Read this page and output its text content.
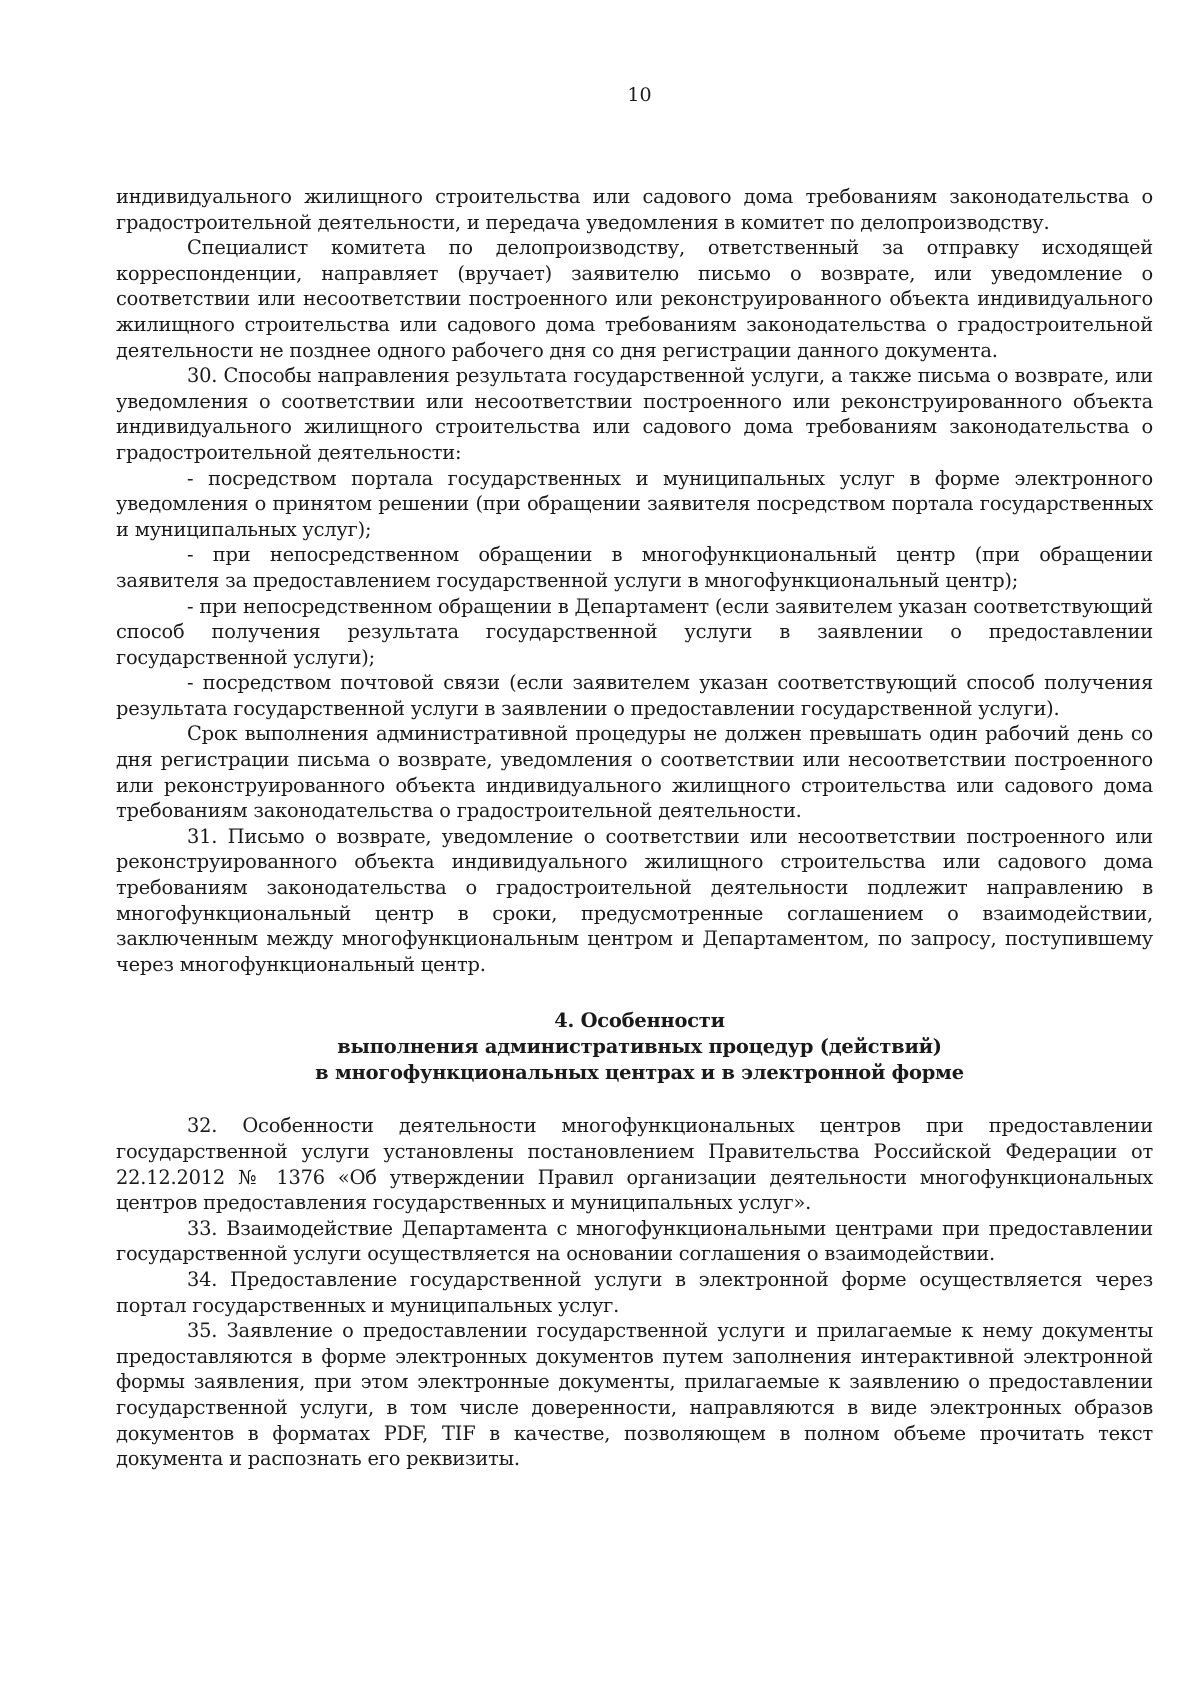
10

индивидуального жилищного строительства или садового дома требованиям законодательства о градостроительной деятельности, и передача уведомления в комитет по делопроизводству.

Специалист комитета по делопроизводству, ответственный за отправку исходящей корреспонденции, направляет (вручает) заявителю письмо о возврате, или уведомление о соответствии или несоответствии построенного или реконструированного объекта индивидуального жилищного строительства или садового дома требованиям законодательства о градостроительной деятельности не позднее одного рабочего дня со дня регистрации данного документа.

30. Способы направления результата государственной услуги, а также письма о возврате, или уведомления о соответствии или несоответствии построенного или реконструированного объекта индивидуального жилищного строительства или садового дома требованиям законодательства о градостроительной деятельности:

- посредством портала государственных и муниципальных услуг в форме электронного уведомления о принятом решении (при обращении заявителя посредством портала государственных и муниципальных услуг);

- при непосредственном обращении в многофункциональный центр (при обращении заявителя за предоставлением государственной услуги в многофункциональный центр);

- при непосредственном обращении в Департамент (если заявителем указан соответствующий способ получения результата государственной услуги в заявлении о предоставлении государственной услуги);

- посредством почтовой связи (если заявителем указан соответствующий способ получения результата государственной услуги в заявлении о предоставлении государственной услуги).

Срок выполнения административной процедуры не должен превышать один рабочий день со дня регистрации письма о возврате, уведомления о соответствии или несоответствии построенного или реконструированного объекта индивидуального жилищного строительства или садового дома требованиям законодательства о градостроительной деятельности.

31. Письмо о возврате, уведомление о соответствии или несоответствии построенного или реконструированного объекта индивидуального жилищного строительства или садового дома требованиям законодательства о градостроительной деятельности подлежит направлению в многофункциональный центр в сроки, предусмотренные соглашением о взаимодействии, заключенным между многофункциональным центром и Департаментом, по запросу, поступившему через многофункциональный центр.

4. Особенности
выполнения административных процедур (действий)
в многофункциональных центрах и в электронной форме

32. Особенности деятельности многофункциональных центров при предоставлении государственной услуги установлены постановлением Правительства Российской Федерации от 22.12.2012 № 1376 «Об утверждении Правил организации деятельности многофункциональных центров предоставления государственных и муниципальных услуг».

33. Взаимодействие Департамента с многофункциональными центрами при предоставлении государственной услуги осуществляется на основании соглашения о взаимодействии.

34. Предоставление государственной услуги в электронной форме осуществляется через портал государственных и муниципальных услуг.

35. Заявление о предоставлении государственной услуги и прилагаемые к нему документы предоставляются в форме электронных документов путем заполнения интерактивной электронной формы заявления, при этом электронные документы, прилагаемые к заявлению о предоставлении государственной услуги, в том числе доверенности, направляются в виде электронных образов документов в форматах PDF, TIF в качестве, позволяющем в полном объеме прочитать текст документа и распознать его реквизиты.
